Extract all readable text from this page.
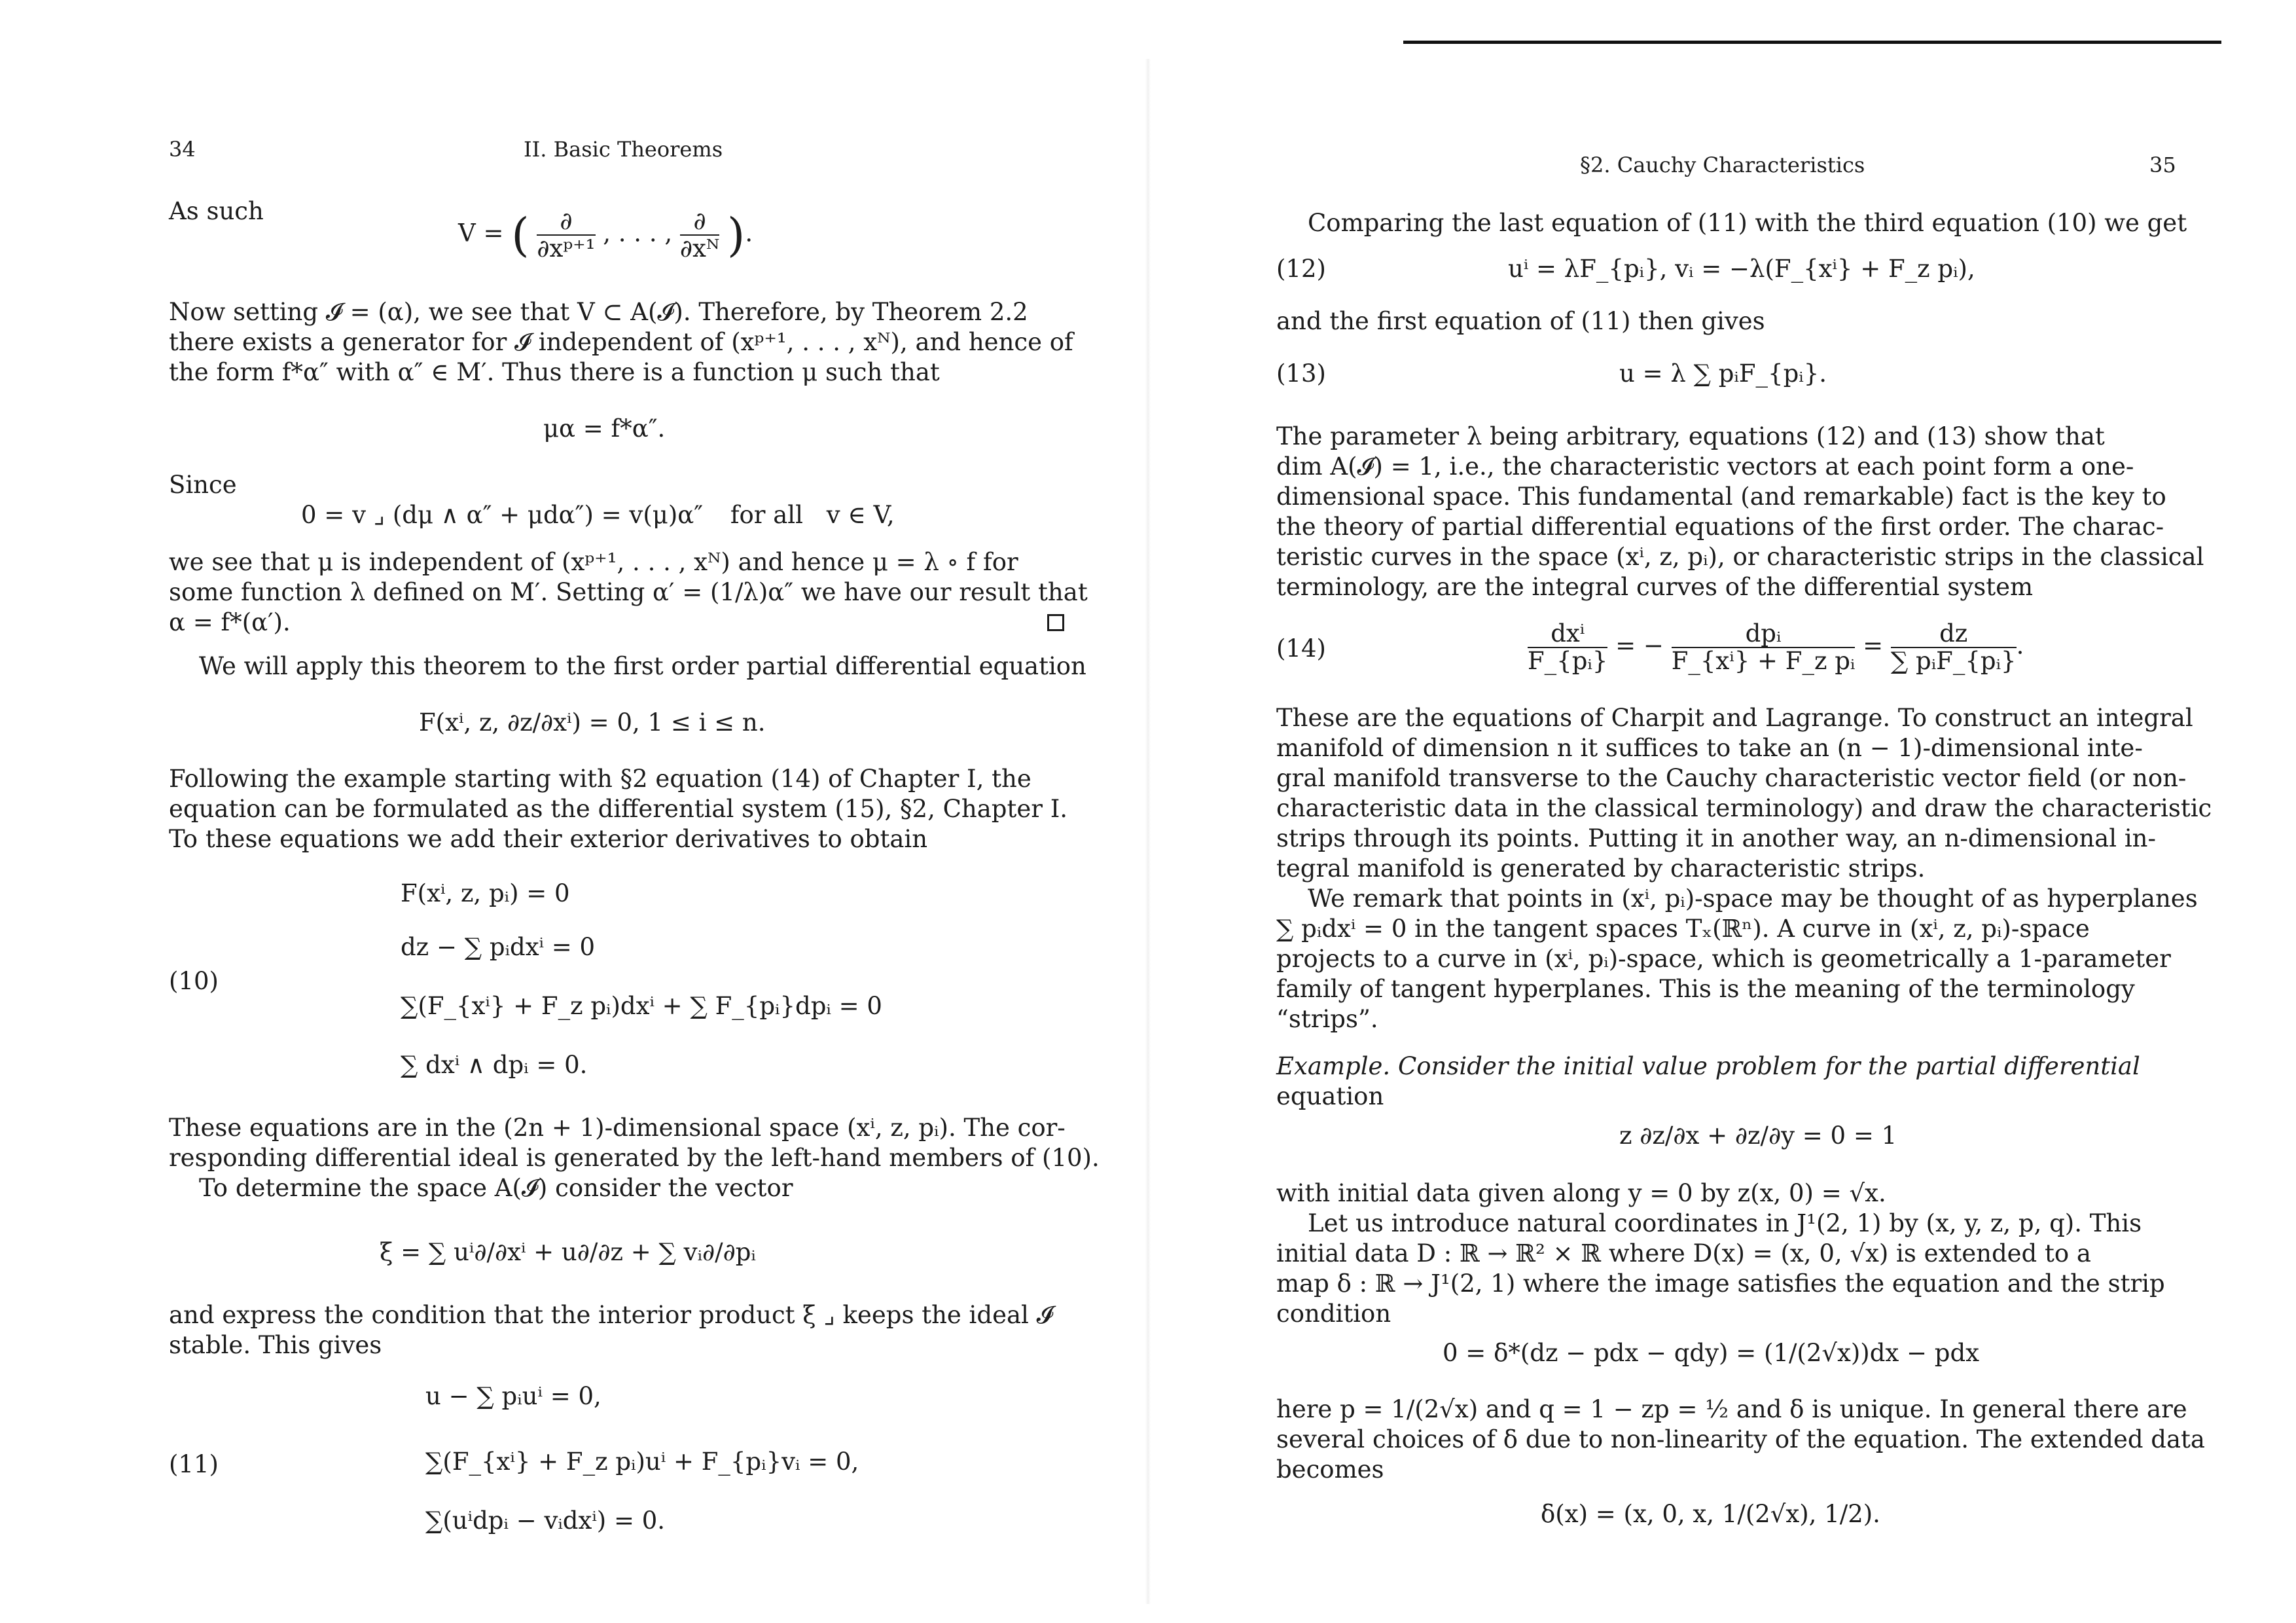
34	II. Basic Theorems
As such
V = ( $\frac{\partial}{\text{∂xᵖ⁺¹}}$ , . . . , $\frac{\partial}{\text{∂xᴺ}}$ ).
Now setting 𝓘 = (α), we see that V ⊂ A(𝓘). Therefore, by Theorem 2.2
there exists a generator for 𝓘 independent of (xᵖ⁺¹, . . . , xᴺ), and hence of
the form f*α″ with α″ ∈ M′. Thus there is a function μ such that
μα = f*α″.
Since
0 = v ⌟ (dμ ∧ α″ + μdα″) = v(μ)α″ for all v ∈ V,
we see that μ is independent of (xᵖ⁺¹, . . . , xᴺ) and hence μ = λ ∘ f for
some function λ defined on M′. Setting α′ = (1/λ)α″ we have our result that
α = f*(α′).
We will apply this theorem to the first order partial differential equation
F(xⁱ, z, ∂z/∂xⁱ) = 0, 1 ≤ i ≤ n.
Following the example starting with §2 equation (14) of Chapter I, the
equation can be formulated as the differential system (15), §2, Chapter I.
To these equations we add their exterior derivatives to obtain
(10)
F(xⁱ, z, pᵢ) = 0
dz − ∑ pᵢdxⁱ = 0
∑(F_{xⁱ} + F_z pᵢ)dxⁱ + ∑ F_{pᵢ}dpᵢ = 0
∑ dxⁱ ∧ dpᵢ = 0.
These equations are in the (2n + 1)-dimensional space (xⁱ, z, pᵢ). The cor-
responding differential ideal is generated by the left-hand members of (10).
To determine the space A(𝓘) consider the vector
ξ = ∑ uⁱ∂/∂xⁱ + u∂/∂z + ∑ vᵢ∂/∂pᵢ
and express the condition that the interior product ξ ⌟ keeps the ideal 𝓘
stable. This gives
(11)
u − ∑ pᵢuⁱ = 0,
∑(F_{xⁱ} + F_z pᵢ)uⁱ + F_{pᵢ}vᵢ = 0,
∑(uⁱdpᵢ − vᵢdxⁱ) = 0.
§2. Cauchy Characteristics	35
Comparing the last equation of (11) with the third equation (10) we get
(12)	uⁱ = λF_{pᵢ}, vᵢ = −λ(F_{xⁱ} + F_z pᵢ),
and the first equation of (11) then gives
(13)	u = λ ∑ pᵢF_{pᵢ}.
The parameter λ being arbitrary, equations (12) and (13) show that
dim A(𝓘) = 1, i.e., the characteristic vectors at each point form a one-
dimensional space. This fundamental (and remarkable) fact is the key to
the theory of partial differential equations of the first order. The charac-
teristic curves in the space (xⁱ, z, pᵢ), or characteristic strips in the classical
terminology, are the integral curves of the differential system
(14)	$\frac{\text{dxⁱ}}{\text{F\_\{pᵢ\}}}$ = − $\frac{\text{dpᵢ}}{\text{F\_\{xⁱ\} + F\_z pᵢ}} = \frac{dz}{\text{∑ pᵢF\_\{pᵢ\}}}$ .
These are the equations of Charpit and Lagrange. To construct an integral
manifold of dimension n it suffices to take an (n − 1)-dimensional inte-
gral manifold transverse to the Cauchy characteristic vector field (or non-
characteristic data in the classical terminology) and draw the characteristic
strips through its points. Putting it in another way, an n-dimensional in-
tegral manifold is generated by characteristic strips.
We remark that points in (xⁱ, pᵢ)-space may be thought of as hyperplanes
∑ pᵢdxⁱ = 0 in the tangent spaces Tₓ(ℝⁿ). A curve in (xⁱ, z, pᵢ)-space
projects to a curve in (xⁱ, pᵢ)-space, which is geometrically a 1-parameter
family of tangent hyperplanes. This is the meaning of the terminology
“strips”.
Example. Consider the initial value problem for the partial differential
equation
z ∂z/∂x + ∂z/∂y = 0 = 1
with initial data given along y = 0 by z(x, 0) = √x.
Let us introduce natural coordinates in J¹(2, 1) by (x, y, z, p, q). This
initial data D : ℝ → ℝ² × ℝ where D(x) = (x, 0, √x) is extended to a
map δ : ℝ → J¹(2, 1) where the image satisfies the equation and the strip
condition
0 = δ*(dz − pdx − qdy) = (1/(2√x))dx − pdx
here p = 1/(2√x) and q = 1 − zp = ½ and δ is unique. In general there are
several choices of δ due to non-linearity of the equation. The extended data
becomes
δ(x) = (x, 0, x, 1/(2√x), 1/2).
